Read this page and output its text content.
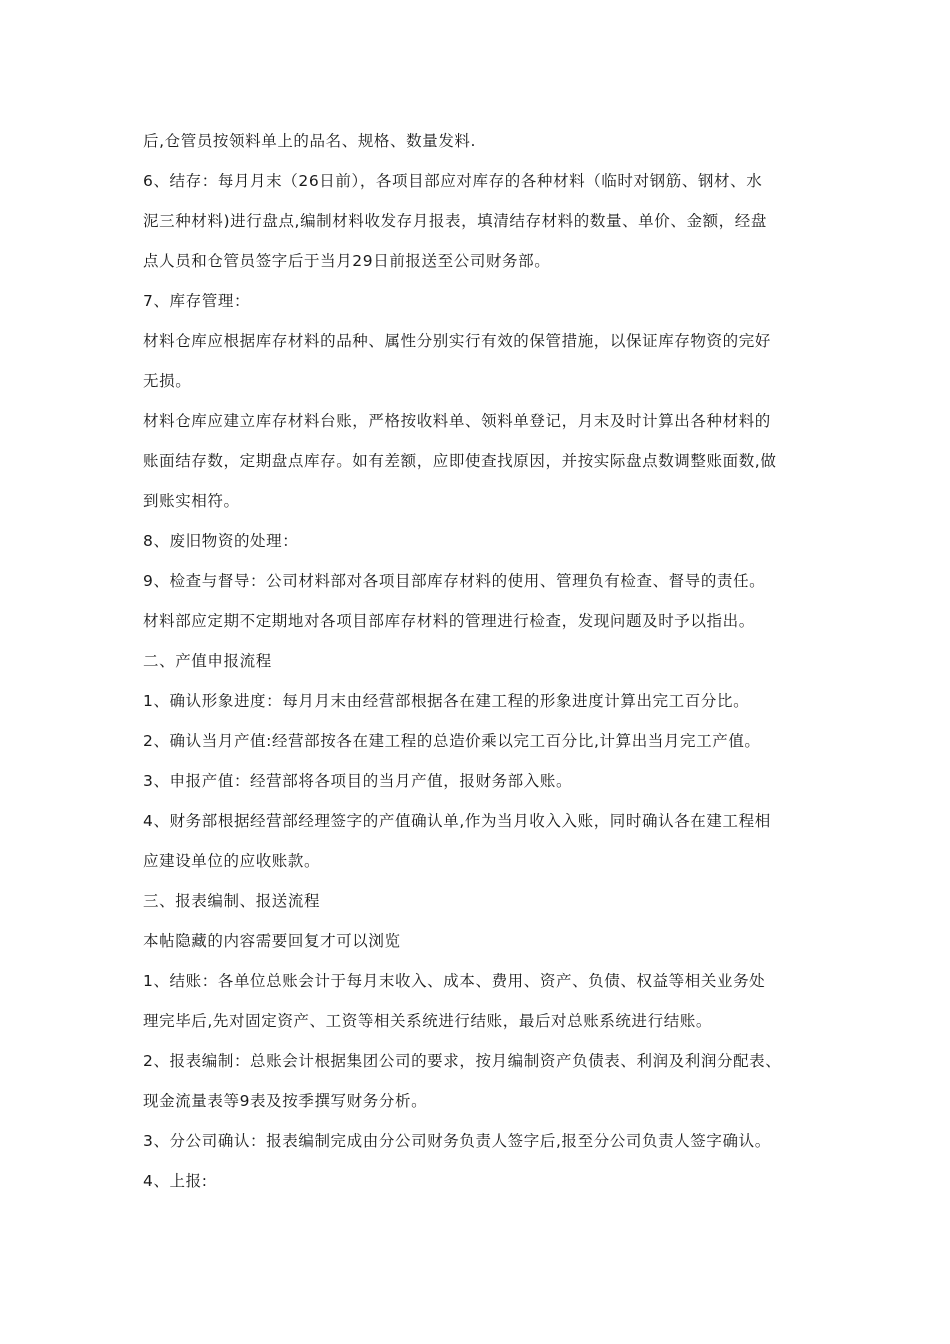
后,仓管员按领料单上的品名、规格、数量发料.
6、结存：每月月末（26日前），各项目部应对库存的各种材料（临时对钢筋、钢材、水
泥三种材料)进行盘点,编制材料收发存月报表，填清结存材料的数量、单价、金额，经盘
点人员和仓管员签字后于当月29日前报送至公司财务部。
7、库存管理：
材料仓库应根据库存材料的品种、属性分别实行有效的保管措施，以保证库存物资的完好
无损。
材料仓库应建立库存材料台账，严格按收料单、领料单登记，月末及时计算出各种材料的
账面结存数，定期盘点库存。如有差额，应即使查找原因，并按实际盘点数调整账面数,做
到账实相符。
8、废旧物资的处理：
9、检查与督导：公司材料部对各项目部库存材料的使用、管理负有检查、督导的责任。
材料部应定期不定期地对各项目部库存材料的管理进行检查，发现问题及时予以指出。
二、产值申报流程
1、确认形象进度：每月月末由经营部根据各在建工程的形象进度计算出完工百分比。
2、确认当月产值:经营部按各在建工程的总造价乘以完工百分比,计算出当月完工产值。
3、申报产值：经营部将各项目的当月产值，报财务部入账。
4、财务部根据经营部经理签字的产值确认单,作为当月收入入账，同时确认各在建工程相
应建设单位的应收账款。
三、报表编制、报送流程
本帖隐藏的内容需要回复才可以浏览
1、结账：各单位总账会计于每月末收入、成本、费用、资产、负债、权益等相关业务处
理完毕后,先对固定资产、工资等相关系统进行结账，最后对总账系统进行结账。
2、报表编制：总账会计根据集团公司的要求，按月编制资产负债表、利润及利润分配表、
现金流量表等9表及按季撰写财务分析。
3、分公司确认：报表编制完成由分公司财务负责人签字后,报至分公司负责人签字确认。
4、上报:
